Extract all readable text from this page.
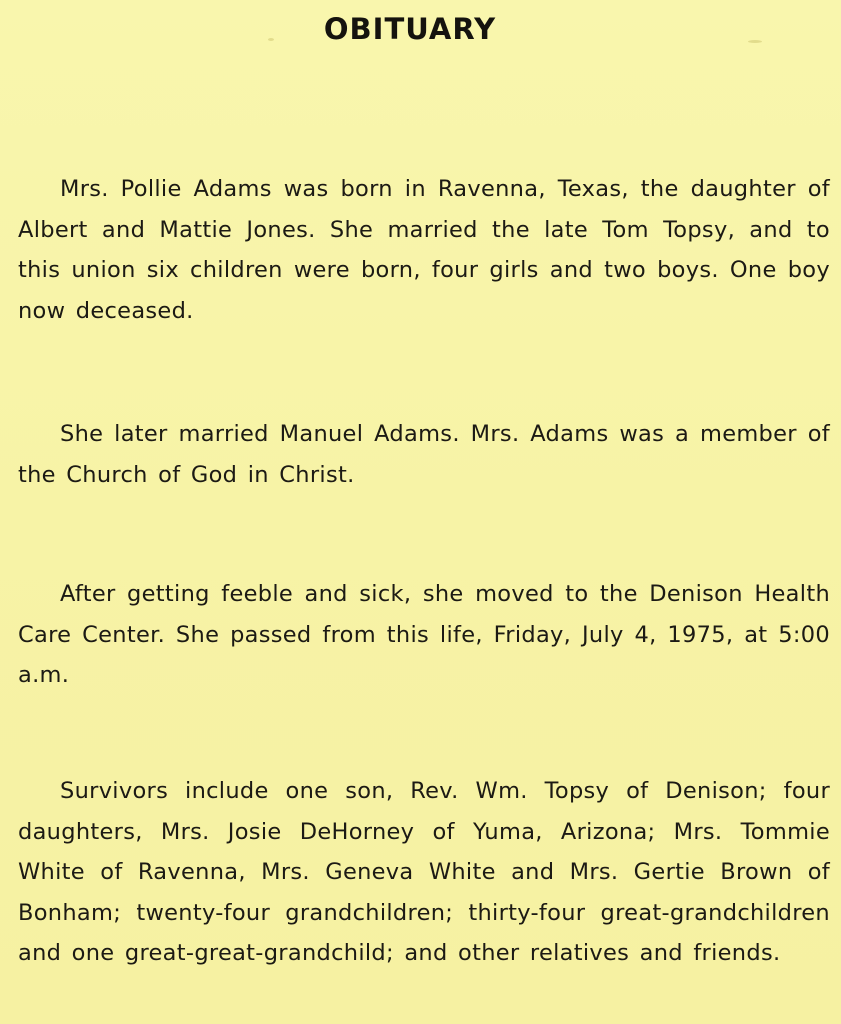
OBITUARY

Mrs. Pollie Adams was born in Ravenna, Texas, the daughter of Albert and Mattie Jones. She married the late Tom Topsy, and to this union six children were born, four girls and two boys. One boy now deceased.

She later married Manuel Adams. Mrs. Adams was a member of the Church of God in Christ.

After getting feeble and sick, she moved to the Denison Health Care Center. She passed from this life, Friday, July 4, 1975, at 5:00 a.m.

Survivors include one son, Rev. Wm. Topsy of Denison; four daughters, Mrs. Josie DeHorney of Yuma, Arizona; Mrs. Tommie White of Ravenna, Mrs. Geneva White and Mrs. Gertie Brown of Bonham; twenty-four grandchildren; thirty-four great-grandchildren and one great-great-grandchild; and other relatives and friends.
